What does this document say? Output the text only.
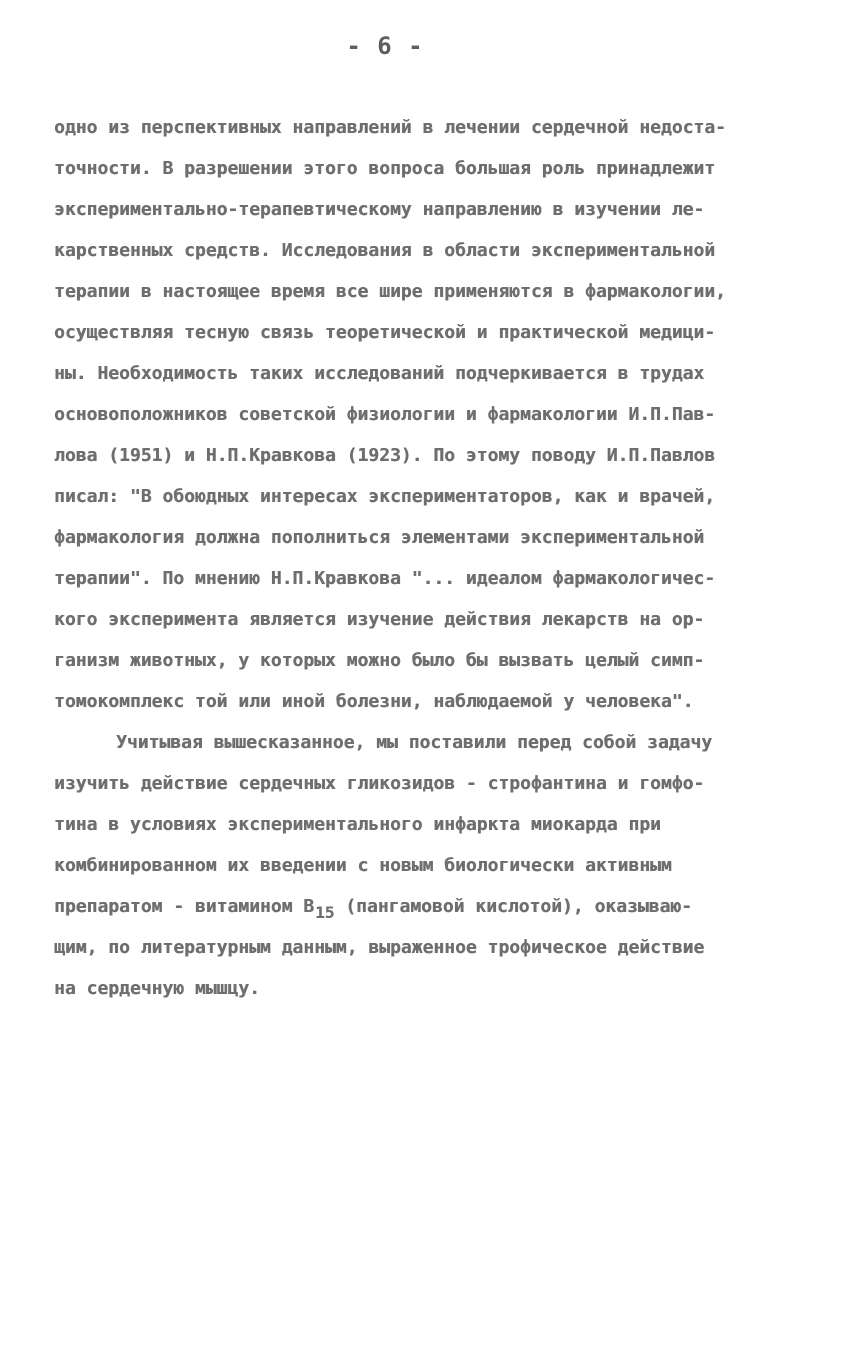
- 6 -
одно из перспективных направлений в лечении сердечной недоста-
точности. В разрешении этого вопроса большая роль принадлежит
экспериментально-терапевтическому направлению в изучении ле-
карственных средств. Исследования в области экспериментальной
терапии в настоящее время все шире применяются в фармакологии,
осуществляя тесную связь теоретической и практической медици-
ны. Необходимость таких исследований подчеркивается в трудах
основоположников советской физиологии и фармакологии И.П.Пав-
лова (1951) и Н.П.Кравкова (1923). По этому поводу И.П.Павлов
писал: "В обоюдных интересах экспериментаторов, как и врачей,
фармакология должна пополниться элементами экспериментальной
терапии". По мнению Н.П.Кравкова "... идеалом фармакологичес-
кого эксперимента является изучение действия лекарств на ор-
ганизм животных, у которых можно было бы вызвать целый симп-
томокомплекс той или иной болезни, наблюдаемой у человека".
Учитывая вышесказанное, мы поставили перед собой задачу
изучить действие сердечных гликозидов - строфантина и гомфо-
тина в условиях экспериментального инфаркта миокарда при
комбинированном их введении с новым биологически активным
препаратом - витамином B15 (пангамовой кислотой), оказываю-
щим, по литературным данным, выраженное трофическое действие
на сердечную мышцу.
